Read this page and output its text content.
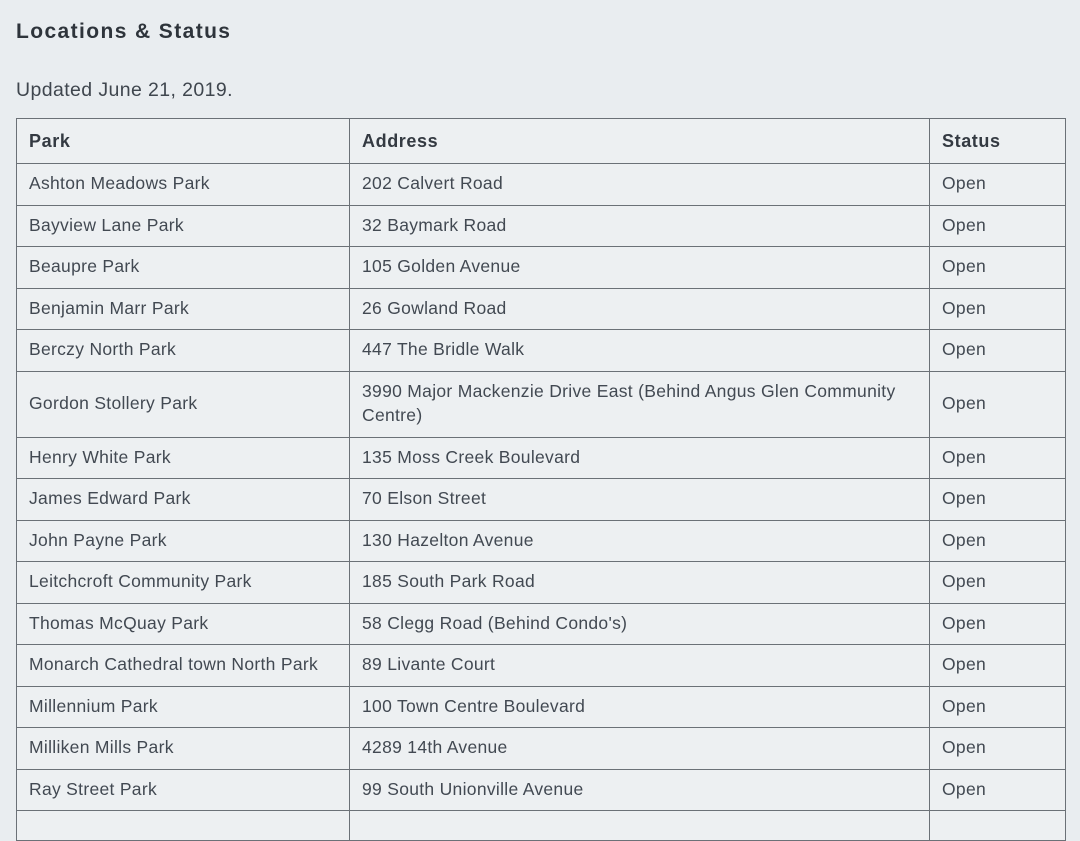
Locations & Status

Updated June 21, 2019.

Park	Address	Status
Ashton Meadows Park	202 Calvert Road	Open
Bayview Lane Park	32 Baymark Road	Open
Beaupre Park	105 Golden Avenue	Open
Benjamin Marr Park	26 Gowland Road	Open
Berczy North Park	447 The Bridle Walk	Open
Gordon Stollery Park	3990 Major Mackenzie Drive East (Behind Angus Glen Community Centre)	Open
Henry White Park	135 Moss Creek Boulevard	Open
James Edward Park	70 Elson Street	Open
John Payne Park	130 Hazelton Avenue	Open
Leitchcroft Community Park	185 South Park Road	Open
Thomas McQuay Park	58 Clegg Road (Behind Condo's)	Open
Monarch Cathedral town North Park	89 Livante Court	Open
Millennium Park	100 Town Centre Boulevard	Open
Milliken Mills Park	4289 14th Avenue	Open
Ray Street Park	99 South Unionville Avenue	Open
